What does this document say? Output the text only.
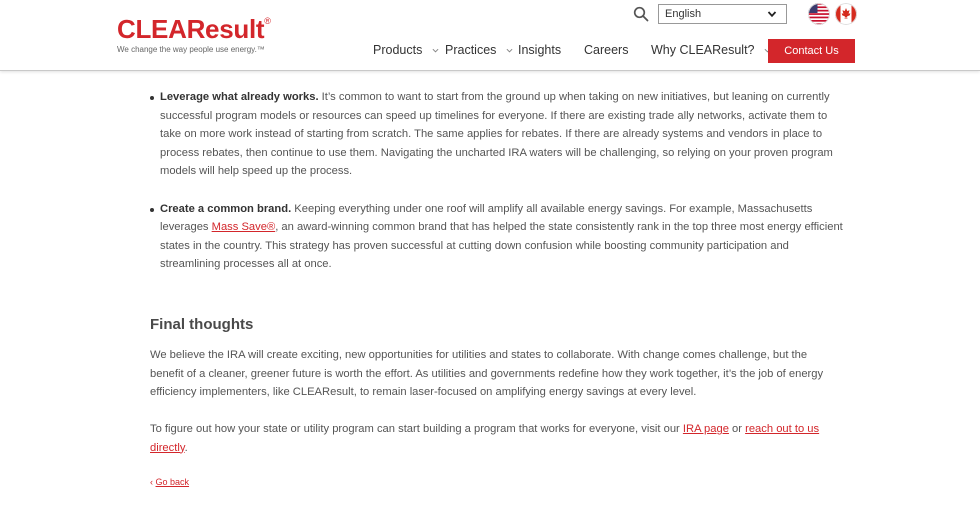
CLEAResult®
We change the way people use energy.™
English
Products	Practices	Insights Careers Why CLEAResult?	Contact Us
Leverage what already works. It’s common to want to start from the ground up when taking on new initiatives, but leaning on currently successful program models or resources can speed up timelines for everyone. If there are existing trade ally networks, activate them to take on more work instead of starting from scratch. The same applies for rebates. If there are already systems and vendors in place to process rebates, then continue to use them. Navigating the uncharted IRA waters will be challenging, so relying on your proven program models will help speed up the process.
Create a common brand. Keeping everything under one roof will amplify all available energy savings. For example, Massachusetts leverages Mass Save®, an award-winning common brand that has helped the state consistently rank in the top three most energy efficient states in the country. This strategy has proven successful at cutting down confusion while boosting community participation and streamlining processes all at once.
Final thoughts

We believe the IRA will create exciting, new opportunities for utilities and states to collaborate. With change comes challenge, but the benefit of a cleaner, greener future is worth the effort. As utilities and governments redefine how they work together, it’s the job of energy efficiency implementers, like CLEAResult, to remain laser-focused on amplifying energy savings at every level.

To figure out how your state or utility program can start building a program that works for everyone, visit our IRA page or reach out to us directly.

‹ Go back
